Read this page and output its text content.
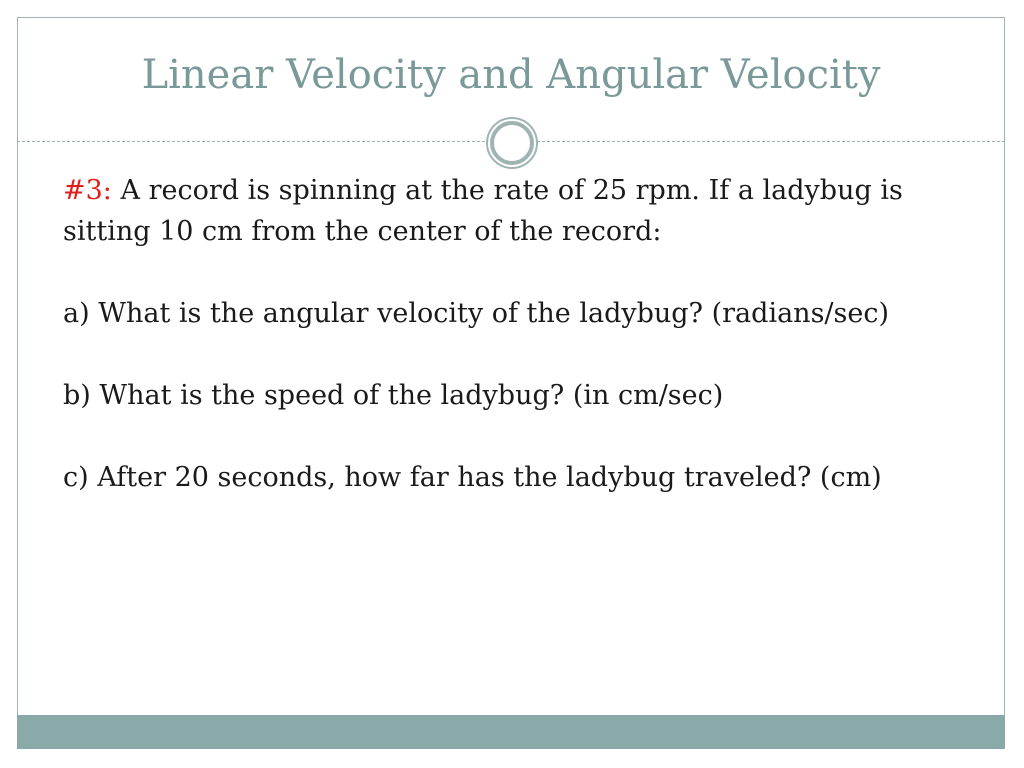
Linear Velocity and Angular Velocity

#3: A record is spinning at the rate of 25 rpm. If a ladybug is sitting 10 cm from the center of the record:

a) What is the angular velocity of the ladybug? (radians/sec)

b) What is the speed of the ladybug? (in cm/sec)

c) After 20 seconds, how far has the ladybug traveled? (cm)
